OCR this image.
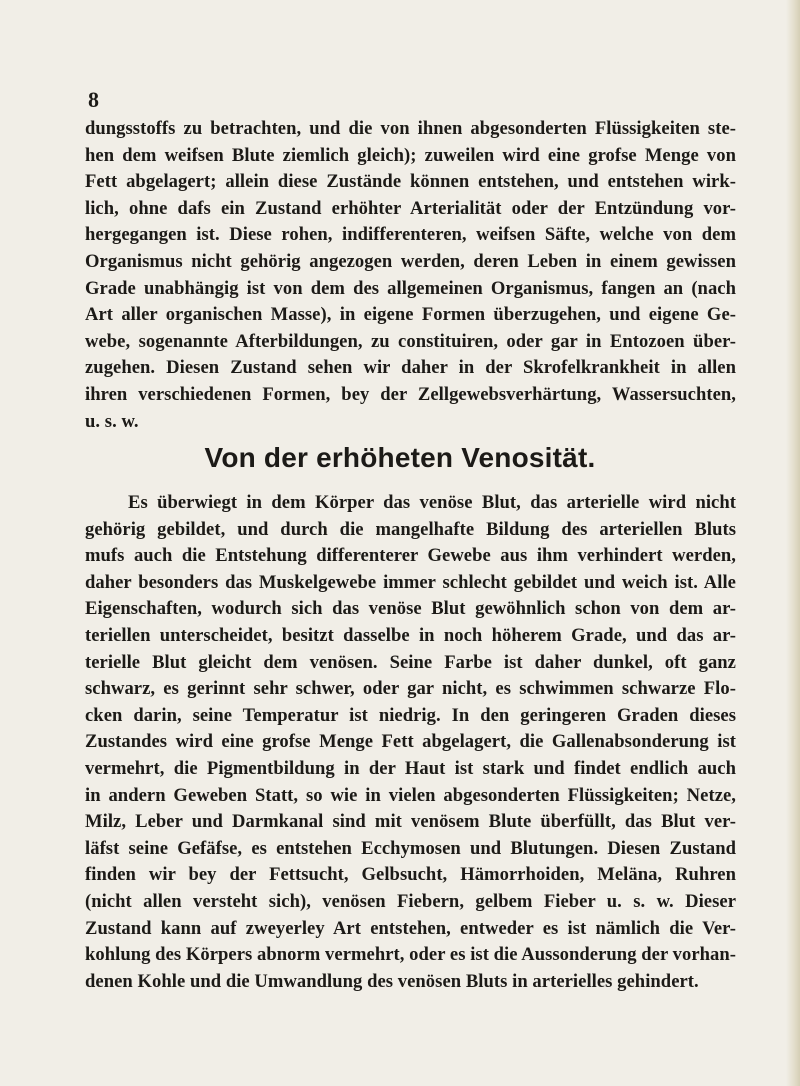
8
dungsstoffs zu betrachten, und die von ihnen abgesonderten Flüssigkeiten ste-
hen dem weifsen Blute ziemlich gleich); zuweilen wird eine grofse Menge von
Fett abgelagert; allein diese Zustände können entstehen, und entstehen wirk-
lich, ohne dafs ein Zustand erhöhter Arterialität oder der Entzündung vor-
hergegangen ist. Diese rohen, indifferenteren, weifsen Säfte, welche von dem
Organismus nicht gehörig angezogen werden, deren Leben in einem gewissen
Grade unabhängig ist von dem des allgemeinen Organismus, fangen an (nach
Art aller organischen Masse), in eigene Formen überzugehen, und eigene Ge-
webe, sogenannte Afterbildungen, zu constituiren, oder gar in Entozoen über-
zugehen. Diesen Zustand sehen wir daher in der Skrofelkrankheit in allen
ihren verschiedenen Formen, bey der Zellgewebsverhärtung, Wassersuchten,
u. s. w.
Von der erhöheten Venosität.
Es überwiegt in dem Körper das venöse Blut, das arterielle wird nicht
gehörig gebildet, und durch die mangelhafte Bildung des arteriellen Bluts
mufs auch die Entstehung differenterer Gewebe aus ihm verhindert werden,
daher besonders das Muskelgewebe immer schlecht gebildet und weich ist. Alle
Eigenschaften, wodurch sich das venöse Blut gewöhnlich schon von dem ar-
teriellen unterscheidet, besitzt dasselbe in noch höherem Grade, und das ar-
terielle Blut gleicht dem venösen. Seine Farbe ist daher dunkel, oft ganz
schwarz, es gerinnt sehr schwer, oder gar nicht, es schwimmen schwarze Flo-
cken darin, seine Temperatur ist niedrig. In den geringeren Graden dieses
Zustandes wird eine grofse Menge Fett abgelagert, die Gallenabsonderung ist
vermehrt, die Pigmentbildung in der Haut ist stark und findet endlich auch
in andern Geweben Statt, so wie in vielen abgesonderten Flüssigkeiten; Netze,
Milz, Leber und Darmkanal sind mit venösem Blute überfüllt, das Blut ver-
läfst seine Gefäfse, es entstehen Ecchymosen und Blutungen. Diesen Zustand
finden wir bey der Fettsucht, Gelbsucht, Hämorrhoiden, Meläna, Ruhren
(nicht allen versteht sich), venösen Fiebern, gelbem Fieber u. s. w. Dieser
Zustand kann auf zweyerley Art entstehen, entweder es ist nämlich die Ver-
kohlung des Körpers abnorm vermehrt, oder es ist die Aussonderung der vorhan-
denen Kohle und die Umwandlung des venösen Bluts in arterielles gehindert.
